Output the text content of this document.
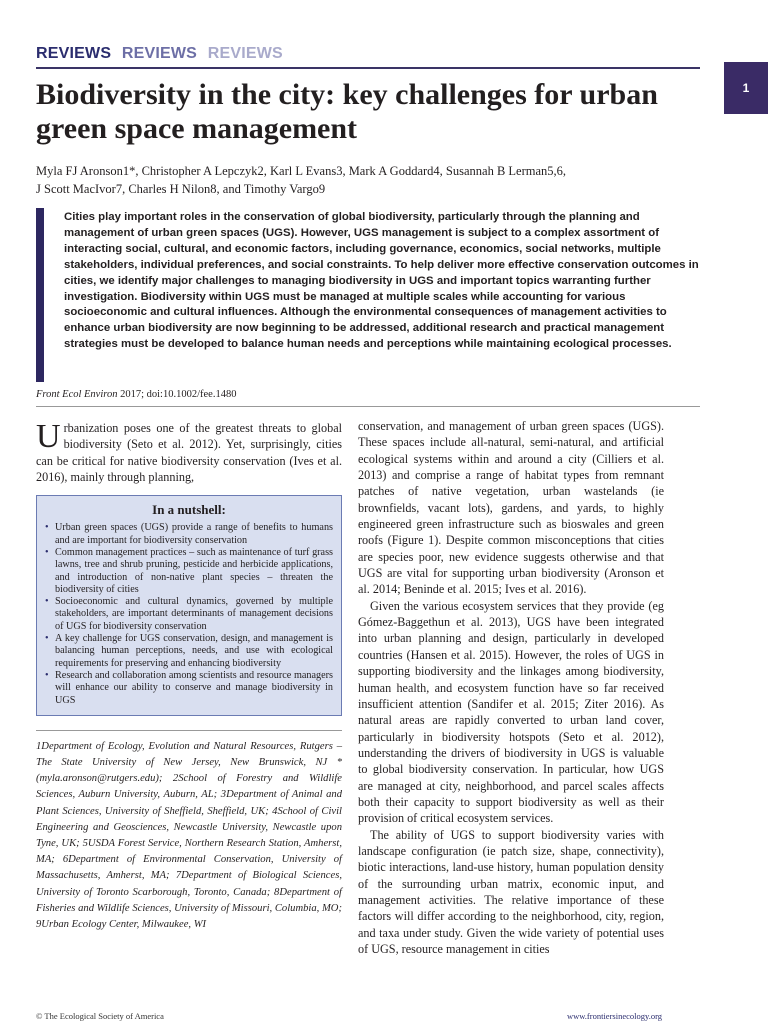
REVIEWS REVIEWS REVIEWS
1
Biodiversity in the city: key challenges for urban green space management
Myla FJ Aronson1*, Christopher A Lepczyk2, Karl L Evans3, Mark A Goddard4, Susannah B Lerman5,6,
J Scott MacIvor7, Charles H Nilon8, and Timothy Vargo9
Cities play important roles in the conservation of global biodiversity, particularly through the planning and management of urban green spaces (UGS). However, UGS management is subject to a complex assortment of interacting social, cultural, and economic factors, including governance, economics, social networks, multiple stakeholders, individual preferences, and social constraints. To help deliver more effective conservation outcomes in cities, we identify major challenges to managing biodiversity in UGS and important topics warranting further investigation. Biodiversity within UGS must be managed at multiple scales while accounting for various socioeconomic and cultural influences. Although the environmental consequences of management activities to enhance urban biodiversity are now beginning to be addressed, additional research and practical management strategies must be developed to balance human needs and perceptions while maintaining ecological processes.
Front Ecol Environ 2017; doi:10.1002/fee.1480

Urbanization poses one of the greatest threats to global biodiversity (Seto et al. 2012). Yet, surprisingly, cities can be critical for native biodiversity conservation (Ives et al. 2016), mainly through planning,

In a nutshell:
• Urban green spaces (UGS) provide a range of benefits to humans and are important for biodiversity conservation
• Common management practices – such as maintenance of turf grass lawns, tree and shrub pruning, pesticide and herbicide applications, and introduction of non-native plant species – threaten the biodiversity of cities
• Socioeconomic and cultural dynamics, governed by multiple stakeholders, are important determinants of management decisions of UGS for biodiversity conservation
• A key challenge for UGS conservation, design, and management is balancing human perceptions, needs, and use with ecological requirements for preserving and enhancing biodiversity
• Research and collaboration among scientists and resource managers will enhance our ability to conserve and manage biodiversity in UGS
1Department of Ecology, Evolution and Natural Resources, Rutgers – The State University of New Jersey, New Brunswick, NJ *(myla.aronson@rutgers.edu); 2School of Forestry and Wildlife Sciences, Auburn University, Auburn, AL; 3Department of Animal and Plant Sciences, University of Sheffield, Sheffield, UK; 4School of Civil Engineering and Geosciences, Newcastle University, Newcastle upon Tyne, UK; 5USDA Forest Service, Northern Research Station, Amherst, MA; 6Department of Environmental Conservation, University of Massachusetts, Amherst, MA; 7Department of Biological Sciences, University of Toronto Scarborough, Toronto, Canada; 8Department of Fisheries and Wildlife Sciences, University of Missouri, Columbia, MO; 9Urban Ecology Center, Milwaukee, WI

conservation, and management of urban green spaces (UGS). These spaces include all-natural, semi-natural, and artificial ecological systems within and around a city (Cilliers et al. 2013) and comprise a range of habitat types from remnant patches of native vegetation, urban wastelands (ie brownfields, vacant lots), gardens, and yards, to highly engineered green infrastructure such as bioswales and green roofs (Figure 1). Despite common misconceptions that cities are species poor, new evidence suggests otherwise and that UGS are vital for supporting urban biodiversity (Aronson et al. 2014; Beninde et al. 2015; Ives et al. 2016).

Given the various ecosystem services that they provide (eg Gómez-Baggethun et al. 2013), UGS have been integrated into urban planning and design, particularly in developed countries (Hansen et al. 2015). However, the roles of UGS in supporting biodiversity and the linkages among biodiversity, human health, and ecosystem function have so far received insufficient attention (Sandifer et al. 2015; Ziter 2016). As natural areas are rapidly converted to urban land cover, particularly in biodiversity hotspots (Seto et al. 2012), understanding the drivers of biodiversity in UGS is valuable to global biodiversity conservation. In particular, how UGS are managed at city, neighborhood, and parcel scales affects both their capacity to support biodiversity as well as their provision of critical ecosystem services.

The ability of UGS to support biodiversity varies with landscape configuration (ie patch size, shape, connectivity), biotic interactions, land-use history, human population density of the surrounding urban matrix, economic input, and management activities. The relative importance of these factors will differ according to the neighborhood, city, region, and taxa under study. Given the wide variety of potential uses of UGS, resource management in cities

© The Ecological Society of America	www.frontiersinecology.org
